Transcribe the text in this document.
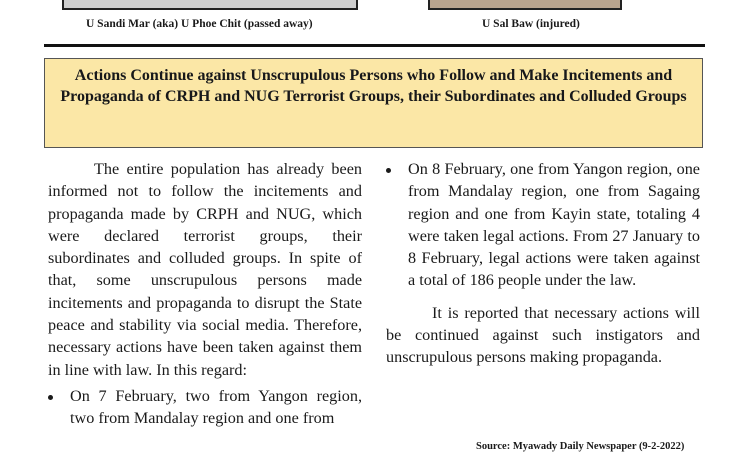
U Sandi Mar (aka) U Phoe Chit (passed away)	U Sal Baw (injured)
Actions Continue against Unscrupulous Persons who Follow and Make Incitements and Propaganda of CRPH and NUG Terrorist Groups, their Subordinates and Colluded Groups

The entire population has already been informed not to follow the incitements and propaganda made by CRPH and NUG, which were declared terrorist groups, their subordinates and colluded groups. In spite of that, some unscrupulous persons made incitements and propaganda to disrupt the State peace and stability via social media. Therefore, necessary actions have been taken against them in line with law. In this regard:

On 7 February, two from Yangon region, two from Mandalay region and one from

On 8 February, one from Yangon region, one from Mandalay region, one from Sagaing region and one from Kayin state, totaling 4 were taken legal actions. From 27 January to 8 February, legal actions were taken against a total of 186 people under the law.

It is reported that necessary actions will be continued against such instigators and unscrupulous persons making propaganda.

Source: Myawady Daily Newspaper (9-2-2022)
